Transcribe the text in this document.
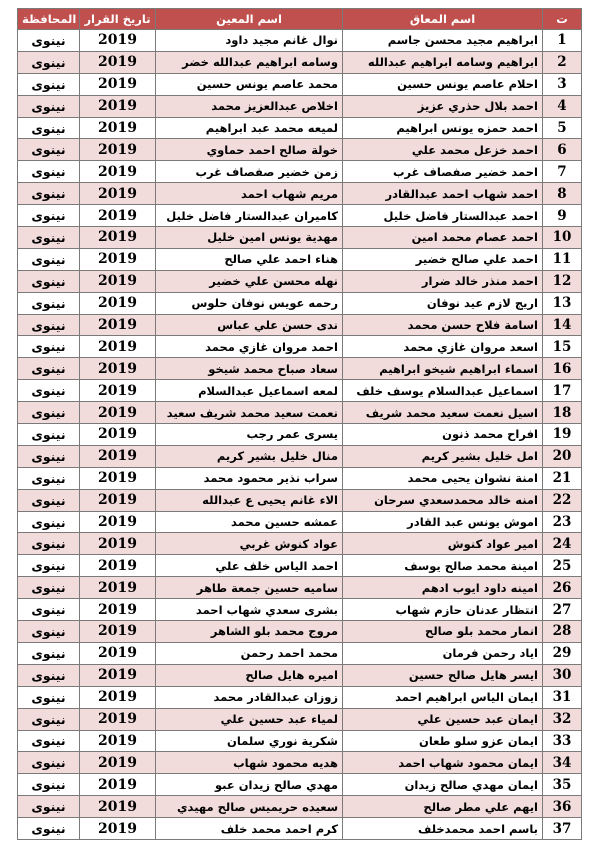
المحافظة	تاريخ القرار	اسم المعين	اسم المعاق	ت
نينوى	2019	نوال غانم مجيد داود	ابراهيم مجيد محسن جاسم	1
نينوى	2019	وسامه ابراهيم عبدالله خضر	ابراهيم وسامه ابراهيم عبدالله	2
نينوى	2019	محمد عاصم يونس حسين	احلام عاصم يونس حسين	3
نينوى	2019	اخلاص عبدالعزيز محمد	احمد بلال حذري عزيز	4
نينوى	2019	لميعه محمد عبد ابراهيم	احمد حمزه يونس ابراهيم	5
نينوى	2019	خولة صالح احمد حماوي	احمد خزعل محمد علي	6
نينوى	2019	زمن خضير صفصاف غرب	احمد خضير صفصاف غرب	7
نينوى	2019	مريم شهاب احمد	احمد شهاب احمد عبدالقادر	8
نينوى	2019	كاميران عبدالستار فاضل خليل	احمد عبدالستار فاضل خليل	9
نينوى	2019	مهدية يونس امين خليل	احمد عصام محمد امين	10
نينوى	2019	هناء احمد علي صالح	احمد علي صالح خضير	11
نينوى	2019	نهله محسن علي خضير	احمد منذر خالد ضرار	12
نينوى	2019	رحمه عويس نوفان حلوس	اريج لازم عيد نوفان	13
نينوى	2019	ندى حسن علي عباس	اسامة فلاح حسن محمد	14
نينوى	2019	احمد مروان غازي محمد	اسعد مروان غازي محمد	15
نينوى	2019	سعاد صباح محمد شيخو	اسماء ابراهيم شيخو ابراهيم	16
نينوى	2019	لمعه اسماعيل عبدالسلام	اسماعيل عبدالسلام يوسف خلف	17
نينوى	2019	نعمت سعيد محمد شريف سعيد	اسيل نعمت سعيد محمد شريف	18
نينوى	2019	يسرى عمر رجب	افراح محمد ذنون	19
نينوى	2019	منال خليل بشير كريم	امل خليل بشير كريم	20
نينوى	2019	سراب نذير محمود محمد	امنة نشوان يحيى محمد	21
نينوى	2019	الاء غانم يحيى ع عبدالله	امنه خالد محمدسعدي سرحان	22
نينوى	2019	عمشه حسين محمد	اموش يونس عبد القادر	23
نينوى	2019	عواد كنوش غربي	امير عواد كنوش	24
نينوى	2019	احمد الياس خلف علي	امينة محمد صالح يوسف	25
نينوى	2019	ساميه حسين جمعة طاهر	امينه داود ايوب ادهم	26
نينوى	2019	بشرى سعدي شهاب احمد	انتظار عدنان حازم شهاب	27
نينوى	2019	مروج محمد بلو الشاهر	انمار محمد بلو صالح	28
نينوى	2019	محمد احمد رحمن	اياد رحمن فرمان	29
نينوى	2019	اميره هايل صالح	ايسر هايل صالح حسين	30
نينوى	2019	زوزان عبدالقادر محمد	ايمان الياس ابراهيم احمد	31
نينوى	2019	لمياء عبد حسين علي	ايمان عبد حسين علي	32
نينوى	2019	شكرية نوري سلمان	ايمان عزو سلو طعان	33
نينوى	2019	هديه محمود شهاب	ايمان محمود شهاب احمد	34
نينوى	2019	مهدي صالح زيدان عبو	ايمان مهدي صالح زيدان	35
نينوى	2019	سعيده حريميس صالح مهيدي	ايهم علي مطر صالح	36
نينوى	2019	كرم احمد محمد خلف	باسم احمد محمدخلف	37
